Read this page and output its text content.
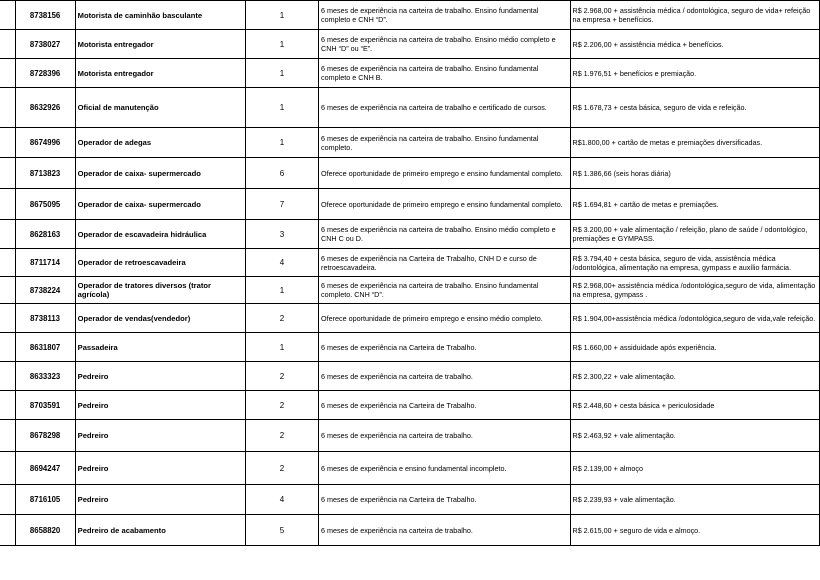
	8738156	Motorista de caminhão basculante	1	6 meses de experiência na carteira de trabalho. Ensino fundamental completo e CNH “D”.	R$ 2.968,00 + assistência médica / odontológica, seguro de vida+ refeição na empresa + benefícios.
	8738027	Motorista entregador	1	6 meses de experiência na carteira de trabalho. Ensino médio completo e CNH “D” ou “E”.	R$ 2.206,00 + assistência médica + benefícios.
	8728396	Motorista entregador	1	6 meses de experiência na carteira de trabalho. Ensino fundamental completo e CNH B.	R$ 1.976,51 + benefícios e premiação.
	8632926	Oficial de manutenção	1	6 meses de experiência na carteira de trabalho e certificado de cursos.	R$ 1.678,73 + cesta básica, seguro de vida e refeição.
	8674996	Operador de adegas	1	6 meses de experiência na carteira de trabalho. Ensino fundamental completo.	R$1.800,00 + cartão de metas e premiações diversificadas.
	8713823	Operador de caixa- supermercado	6	Oferece oportunidade de primeiro emprego e ensino fundamental completo.	R$ 1.386,66 (seis horas diária)
	8675095	Operador de caixa- supermercado	7	Oferece oportunidade de primeiro emprego e ensino fundamental completo.	R$ 1.694,81 + cartão de metas e premiações.
	8628163	Operador de escavadeira hidráulica	3	6 meses de experiência na carteira de trabalho. Ensino médio completo e CNH C ou D.	R$ 3.200,00 + vale alimentação / refeição, plano de saúde / odontológico, premiações e GYMPASS.
	8711714	Operador de retroescavadeira	4	6 meses de experiência na Carteira de Trabalho, CNH D e curso de retroescavadeira.	R$ 3.794,40 + cesta básica, seguro de vida, assistência médica /odontológica, alimentação na empresa, gympass e auxílio farmácia.
	8738224	Operador de tratores diversos (trator agrícola)	1	6 meses de experiência na carteira de trabalho. Ensino fundamental completo. CNH “D”.	R$ 2.968,00+ assistência médica /odontológica,seguro de vida, alimentação na empresa, gympass .
	8738113	Operador de vendas(vendedor)	2	Oferece oportunidade de primeiro emprego e ensino médio completo.	R$ 1.904,00+assistência médica /odontológica,seguro de vida,vale refeição.
	8631807	Passadeira	1	6 meses de experiência na Carteira de Trabalho.	R$ 1.660,00 + assiduidade após experiência.
	8633323	Pedreiro	2	6 meses de experiência na carteira de trabalho.	R$ 2.300,22 + vale alimentação.
	8703591	Pedreiro	2	6 meses de experiência na Carteira de Trabalho.	R$ 2.448,60 + cesta básica + periculosidade
	8678298	Pedreiro	2	6 meses de experiência na carteira de trabalho.	R$ 2.463,92 + vale alimentação.
	8694247	Pedreiro	2	6 meses de experiência e ensino fundamental incompleto.	R$ 2.139,00 + almoço
	8716105	Pedreiro	4	6 meses de experiência na Carteira de Trabalho.	R$ 2.239,93 + vale alimentação.
	8658820	Pedreiro de acabamento	5	6 meses de experiência na carteira de trabalho.	R$ 2.615,00 + seguro de vida e almoço.
